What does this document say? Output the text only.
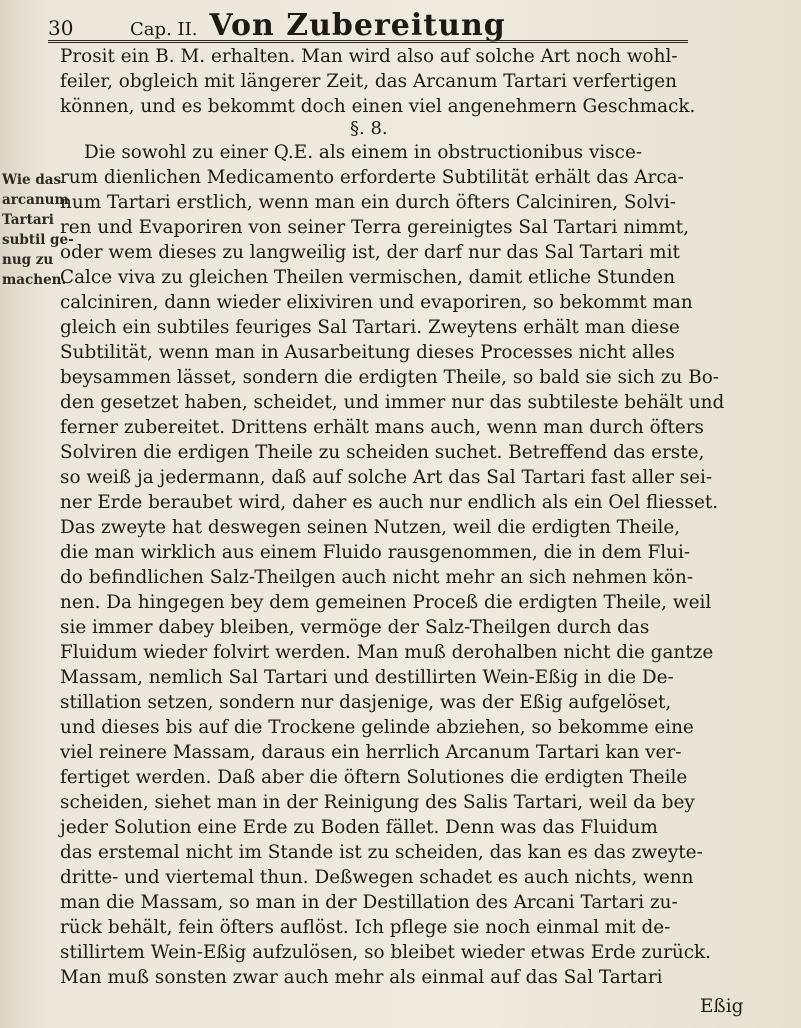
30	Cap. II. Von Zubereitung
Prosit ein B. M. erhalten. Man wird also auf solche Art noch wohl-
feiler, obgleich mit längerer Zeit, das Arcanum Tartari verfertigen
können, und es bekommt doch einen viel angenehmern Geschmack.
§. 8.
Die sowohl zu einer Q.E. als einem in obstructionibus visce-
rum dienlichen Medicamento erforderte Subtilität erhält das Arca-
num Tartari erstlich, wenn man ein durch öfters Calciniren, Solvi-
ren und Evaporiren von seiner Terra gereinigtes Sal Tartari nimmt,
oder wem dieses zu langweilig ist, der darf nur das Sal Tartari mit
Calce viva zu gleichen Theilen vermischen, damit etliche Stunden
calciniren, dann wieder elixiviren und evaporiren, so bekommt man
gleich ein subtiles feuriges Sal Tartari. Zweytens erhält man diese
Subtilität, wenn man in Ausarbeitung dieses Processes nicht alles
beysammen lässet, sondern die erdigten Theile, so bald sie sich zu Bo-
den gesetzet haben, scheidet, und immer nur das subtileste behält und
ferner zubereitet. Drittens erhält mans auch, wenn man durch öfters
Solviren die erdigen Theile zu scheiden suchet. Betreffend das erste,
so weiß ja jedermann, daß auf solche Art das Sal Tartari fast aller sei-
ner Erde beraubet wird, daher es auch nur endlich als ein Oel fliesset.
Das zweyte hat deswegen seinen Nutzen, weil die erdigten Theile,
die man wirklich aus einem Fluido rausgenommen, die in dem Flui-
do befindlichen Salz-Theilgen auch nicht mehr an sich nehmen kön-
nen. Da hingegen bey dem gemeinen Proceß die erdigten Theile, weil
sie immer dabey bleiben, vermöge der Salz-Theilgen durch das
Fluidum wieder folvirt werden. Man muß derohalben nicht die gantze
Massam, nemlich Sal Tartari und destillirten Wein-Eßig in die De-
stillation setzen, sondern nur dasjenige, was der Eßig aufgelöset,
und dieses bis auf die Trockene gelinde abziehen, so bekomme eine
viel reinere Massam, daraus ein herrlich Arcanum Tartari kan ver-
fertiget werden. Daß aber die öftern Solutiones die erdigten Theile
scheiden, siehet man in der Reinigung des Salis Tartari, weil da bey
jeder Solution eine Erde zu Boden fället. Denn was das Fluidum
das erstemal nicht im Stande ist zu scheiden, das kan es das zweyte-
dritte- und viertemal thun. Deßwegen schadet es auch nichts, wenn
man die Massam, so man in der Destillation des Arcani Tartari zu-
rück behält, fein öfters auflöst. Ich pflege sie noch einmal mit de-
stillirtem Wein-Eßig aufzulösen, so bleibet wieder etwas Erde zurück.
Man muß sonsten zwar auch mehr als einmal auf das Sal Tartari
Eßig
Wie das
arcanum
Tartari
subtil ge-
nug zu
machen.
